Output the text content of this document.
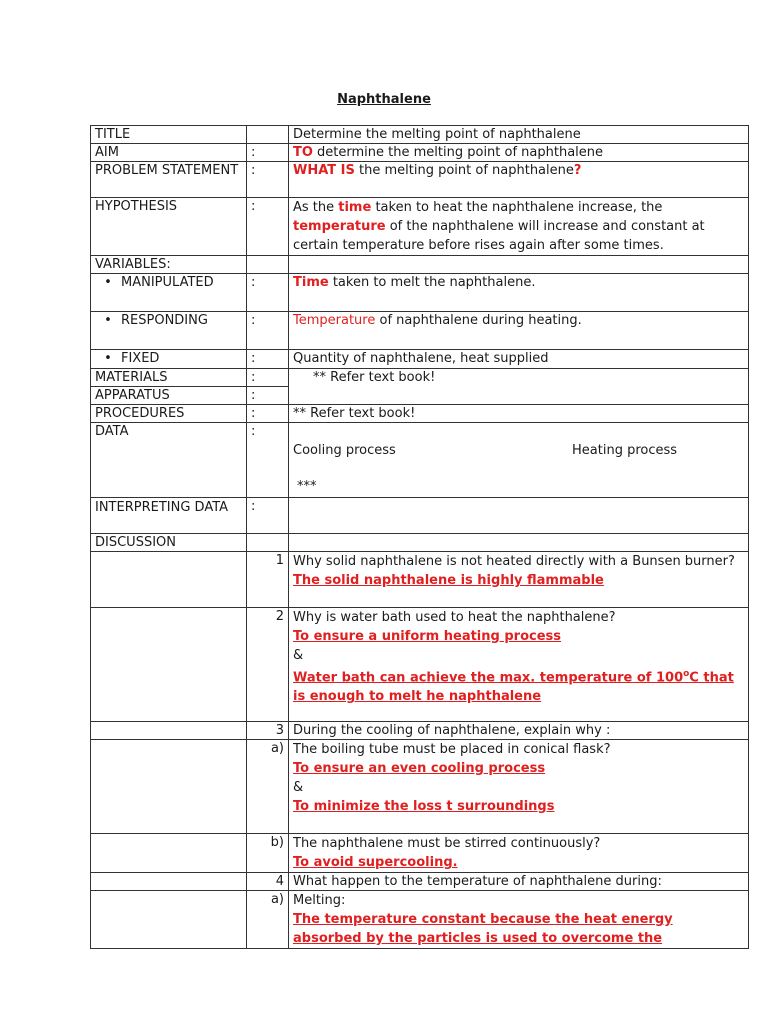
Naphthalene
TITLE		Determine the melting point of naphthalene
AIM	:	TO determine the melting point of naphthalene
PROBLEM STATEMENT	:	WHAT IS the melting point of naphthalene?
HYPOTHESIS	:	As the time taken to heat the naphthalene increase, the temperature of the naphthalene will increase and constant at certain temperature before rises again after some times.
VARIABLES:		

• MANIPULATED	:	Time taken to melt the naphthalene.

• RESPONDING	:	Temperature of naphthalene during heating.

• FIXED	:	Quantity of naphthalene, heat supplied
MATERIALS	:	** Refer text book!
APPARATUS	:	
PROCEDURES	:	** Refer text book!
DATA	:	Cooling process Heating process
***

INTERPRETING DATA	:	
DISCUSSION		
	1	Why solid naphthalene is not heated directly with a Bunsen burner?
The solid naphthalene is highly flammable

	2	Why is water bath used to heat the naphthalene?
To ensure a uniform heating process
&
Water bath can achieve the max. temperature of 100$^o$C that is enough to melt he naphthalene

	3	During the cooling of naphthalene, explain why :
	a)	The boiling tube must be placed in conical flask?
To ensure an even cooling process
&
To minimize the loss t surroundings

	b)	The naphthalene must be stirred continuously?
To avoid supercooling.

	4	What happen to the temperature of naphthalene during:
	a)	Melting:
The temperature constant because the heat energy absorbed by the particles is used to overcome the
